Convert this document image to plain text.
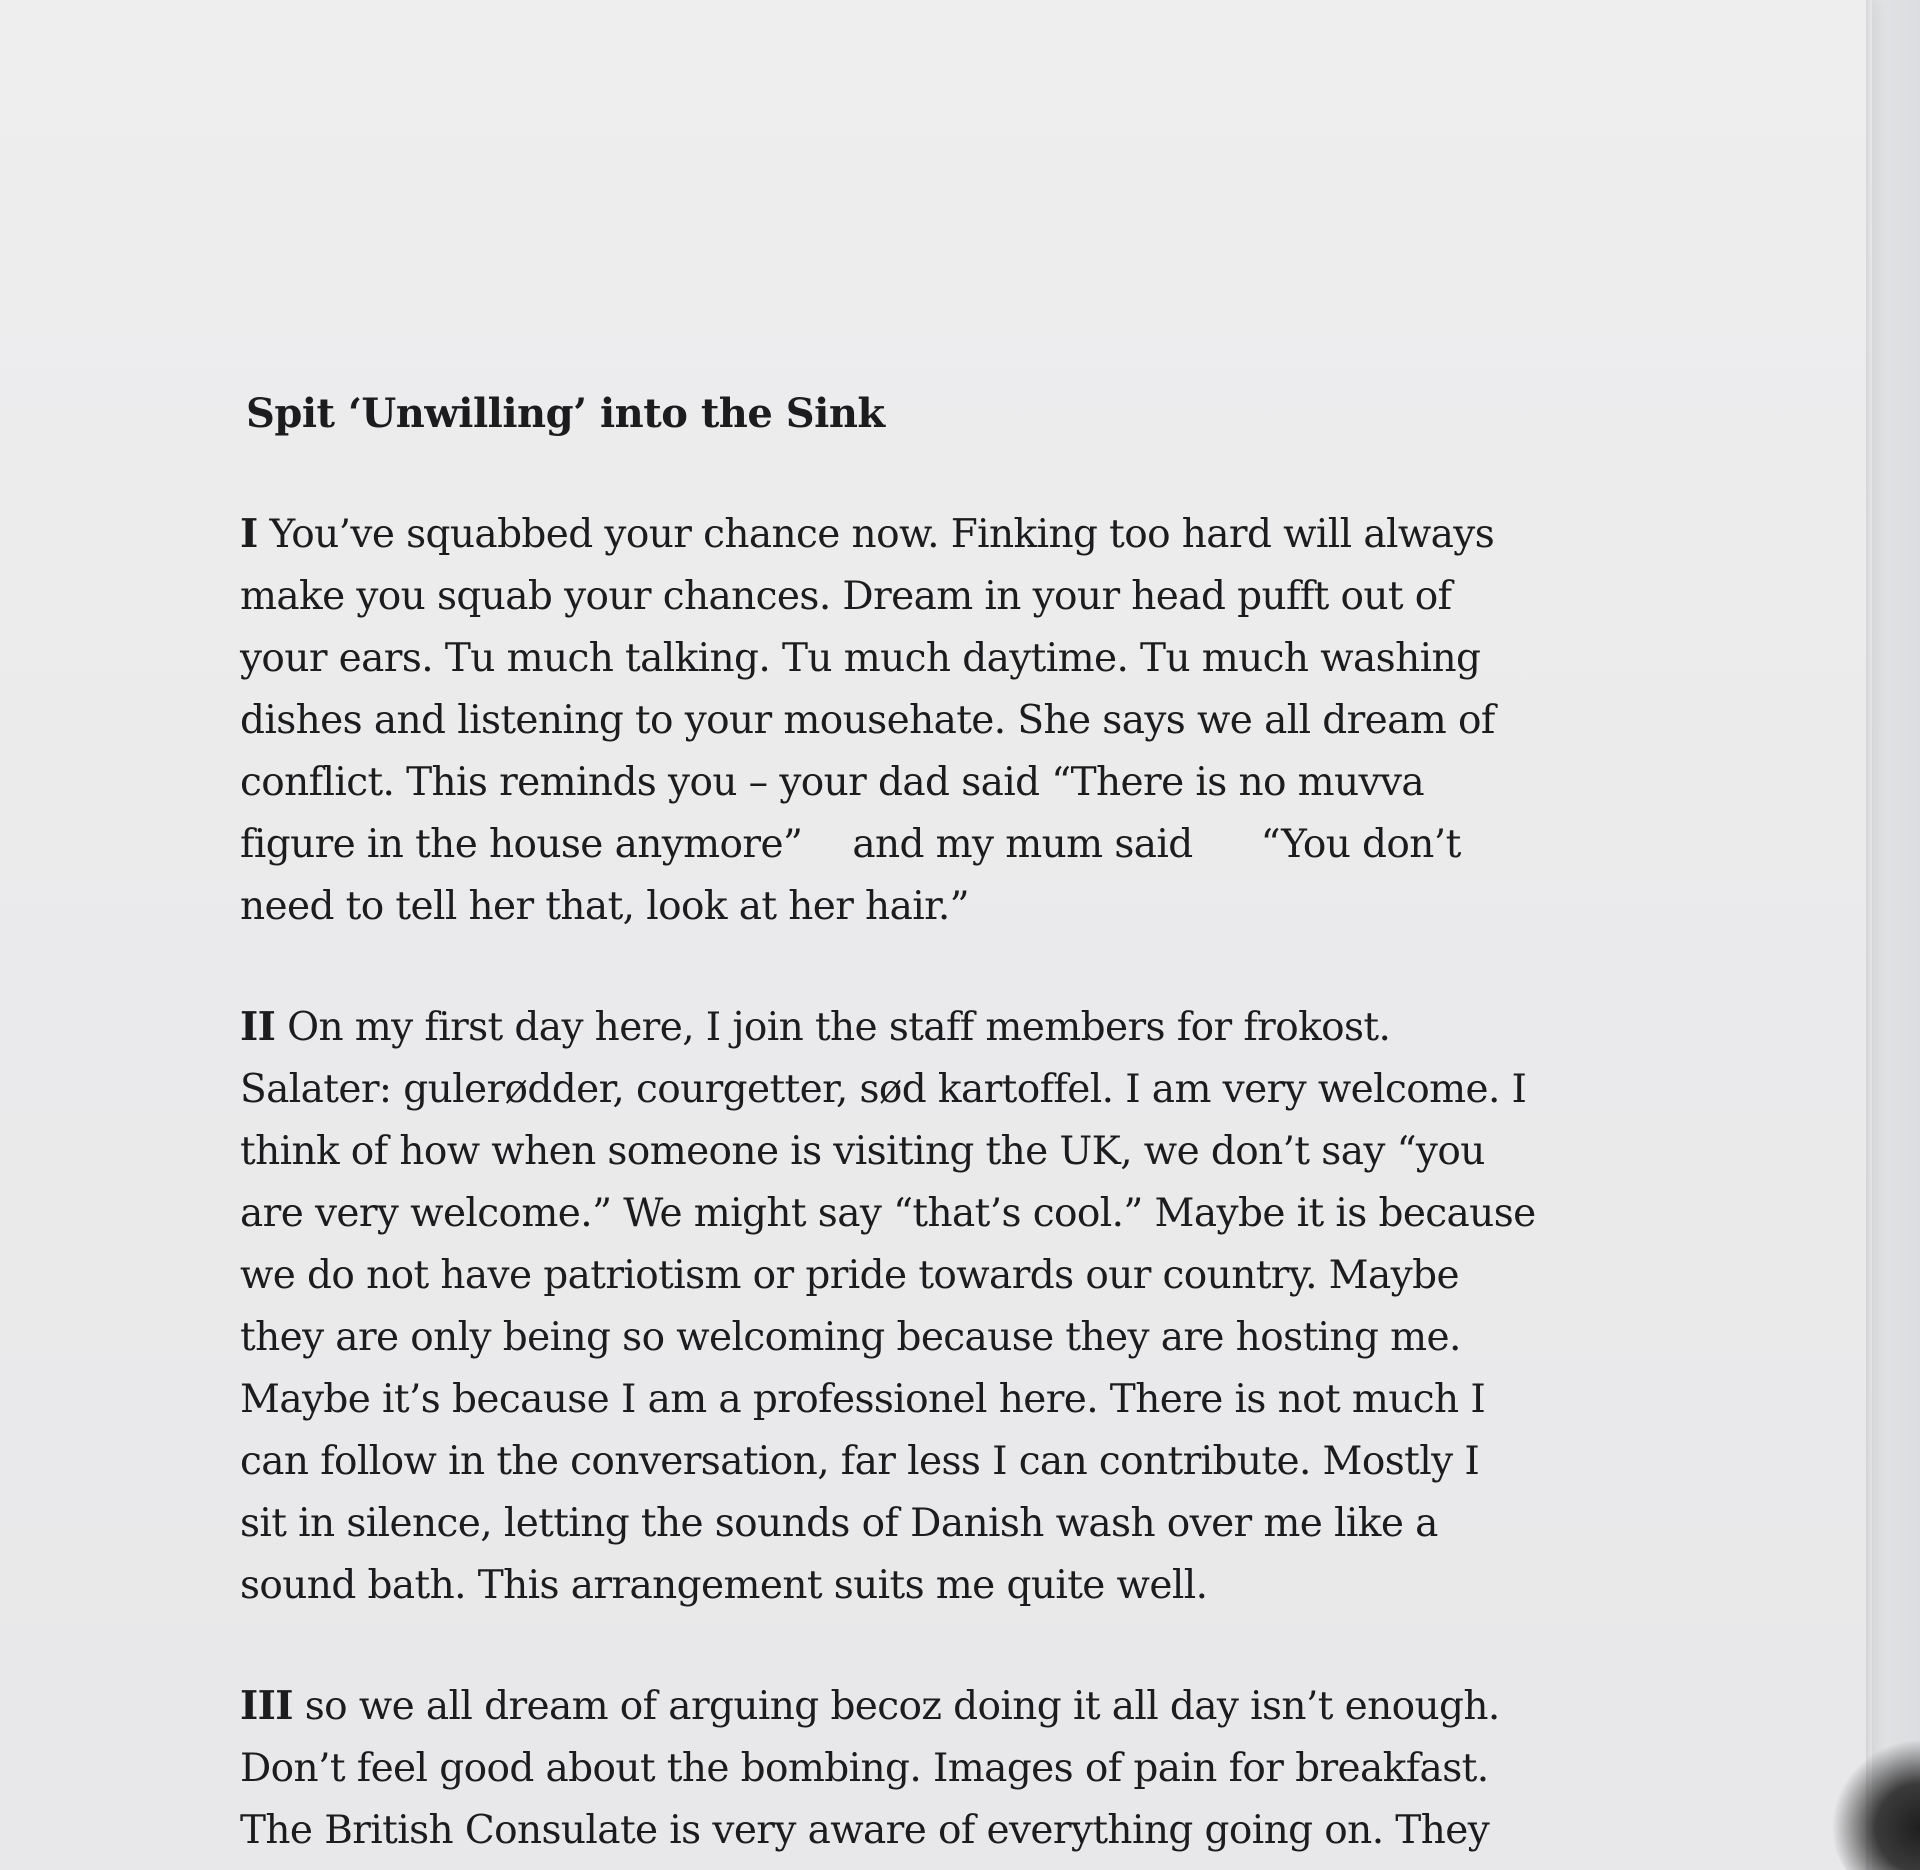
Spit ‘Unwilling’ into the Sink
I You’ve squabbed your chance now. Finking too hard will always
make you squab your chances. Dream in your head pufft out of
your ears. Tu much talking. Tu much daytime. Tu much washing
dishes and listening to your mousehate. She says we all dream of
conflict. This reminds you – your dad said “There is no muvva
figure in the house anymore” and my mum said “You don’t
need to tell her that, look at her hair.”
II On my first day here, I join the staff members for frokost.
Salater: gulerødder, courgetter, sød kartoffel. I am very welcome. I
think of how when someone is visiting the UK, we don’t say “you
are very welcome.” We might say “that’s cool.” Maybe it is because
we do not have patriotism or pride towards our country. Maybe
they are only being so welcoming because they are hosting me.
Maybe it’s because I am a professionel here. There is not much I
can follow in the conversation, far less I can contribute. Mostly I
sit in silence, letting the sounds of Danish wash over me like a
sound bath. This arrangement suits me quite well.
III so we all dream of arguing becoz doing it all day isn’t enough.
Don’t feel good about the bombing. Images of pain for breakfast.
The British Consulate is very aware of everything going on. They
